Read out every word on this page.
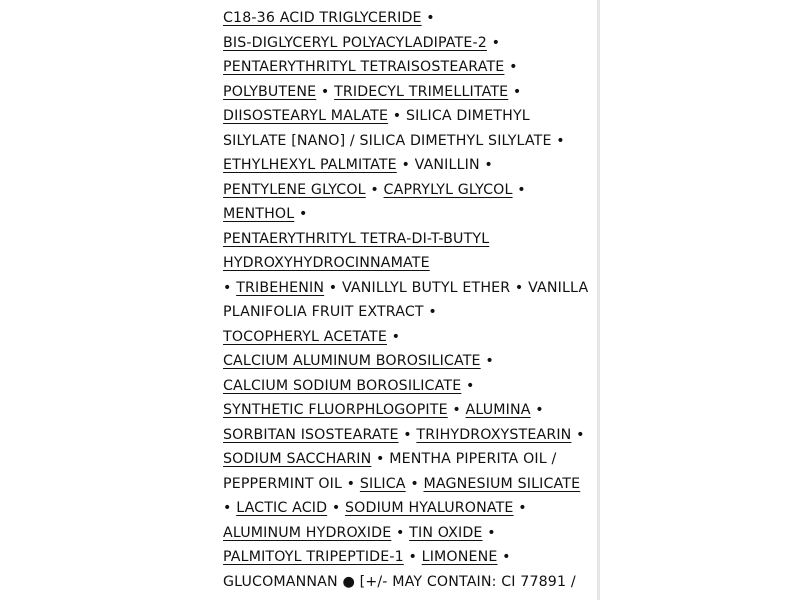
C18-36 ACID TRIGLYCERIDE •
BIS-DIGLYCERYL POLYACYLADIPATE-2 •
PENTAERYTHRITYL TETRAISOSTEARATE •
POLYBUTENE • TRIDECYL TRIMELLITATE •
DIISOSTEARYL MALATE • SILICA DIMETHYL
SILYLATE [NANO] / SILICA DIMETHYL SILYLATE •
ETHYLHEXYL PALMITATE • VANILLIN •
PENTYLENE GLYCOL • CAPRYLYL GLYCOL •
MENTHOL •
PENTAERYTHRITYL TETRA-DI-T-BUTYL
HYDROXYHYDROCINNAMATE
• TRIBEHENIN • VANILLYL BUTYL ETHER • VANILLA
PLANIFOLIA FRUIT EXTRACT •
TOCOPHERYL ACETATE •
CALCIUM ALUMINUM BOROSILICATE •
CALCIUM SODIUM BOROSILICATE •
SYNTHETIC FLUORPHLOGOPITE • ALUMINA •
SORBITAN ISOSTEARATE • TRIHYDROXYSTEARIN •
SODIUM SACCHARIN • MENTHA PIPERITA OIL /
PEPPERMINT OIL • SILICA • MAGNESIUM SILICATE
• LACTIC ACID • SODIUM HYALURONATE •
ALUMINUM HYDROXIDE • TIN OXIDE •
PALMITOYL TRIPEPTIDE-1 • LIMONENE •
GLUCOMANNAN ● [+/- MAY CONTAIN: CI 77891 /
